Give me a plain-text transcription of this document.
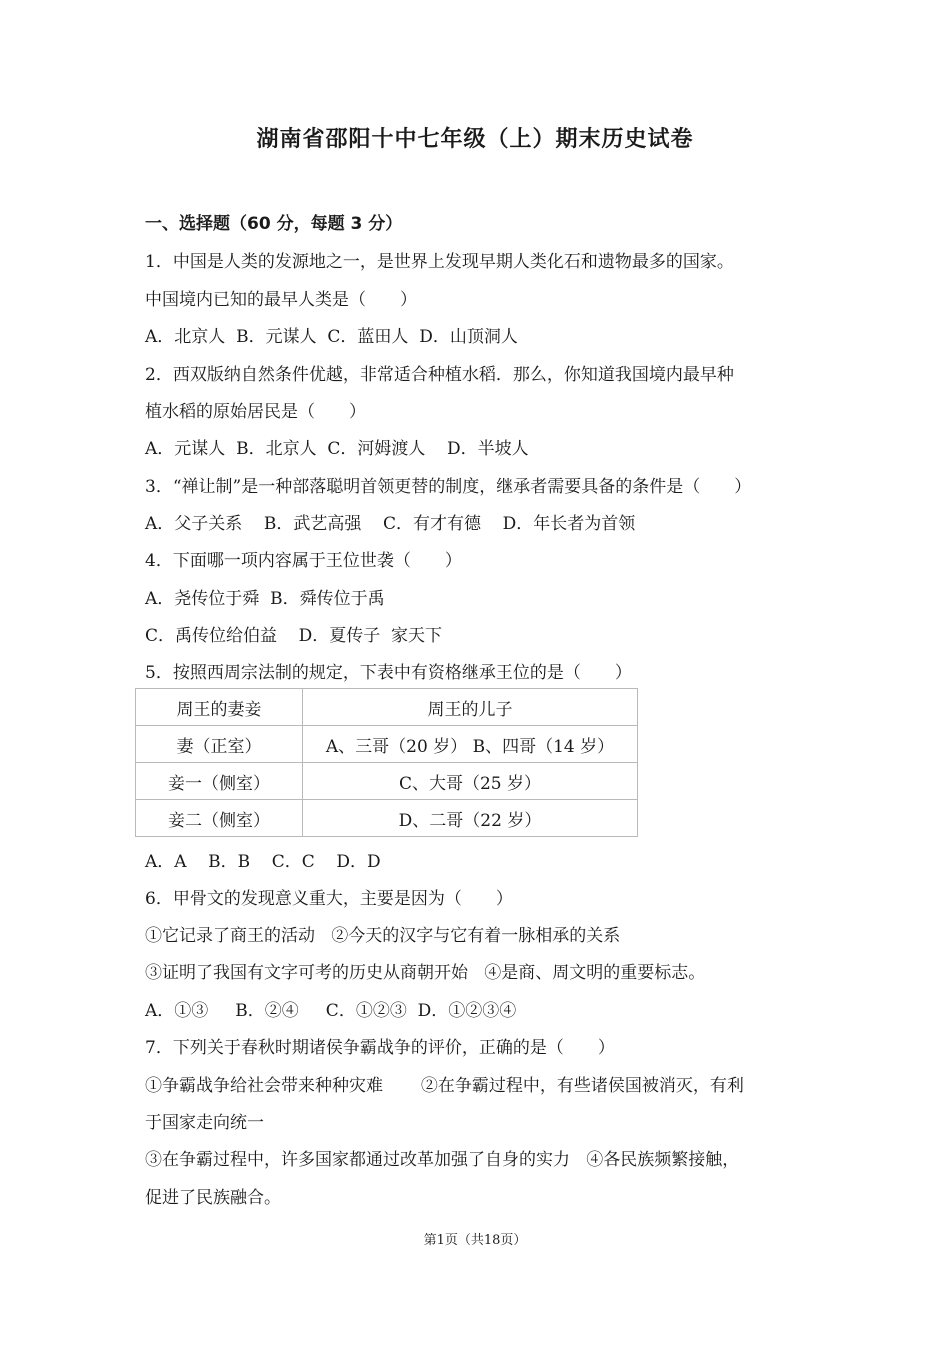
湖南省邵阳十中七年级（上）期末历史试卷
一、选择题（60 分，每题 3 分）
1．中国是人类的发源地之一，是世界上发现早期人类化石和遗物最多的国家。
中国境内已知的最早人类是（　　）
A．北京人  B．元谋人  C．蓝田人  D．山顶洞人
2．西双版纳自然条件优越，非常适合种植水稻．那么，你知道我国境内最早种
植水稻的原始居民是（　　）
A．元谋人  B．北京人  C．河姆渡人    D．半坡人
3．“禅让制”是一种部落聪明首领更替的制度，继承者需要具备的条件是（　　）
A．父子关系    B．武艺高强    C．有才有德    D．年长者为首领
4．下面哪一项内容属于王位世袭（　　）
A．尧传位于舜  B．舜传位于禹
C．禹传位给伯益    D．夏传子  家天下
5．按照西周宗法制的规定，下表中有资格继承王位的是（　　）
周王的妻妾	周王的儿子
妻（正室）	A、三哥（20 岁） B、四哥（14 岁）
妾一（侧室）	C、大哥（25 岁）
妾二（侧室）	D、二哥（22 岁）
A．A    B．B    C．C    D．D
6．甲骨文的发现意义重大，主要是因为（　　）
①它记录了商王的活动   ②今天的汉字与它有着一脉相承的关系
③证明了我国有文字可考的历史从商朝开始   ④是商、周文明的重要标志。
A．①③     B．②④     C．①②③  D．①②③④
7．下列关于春秋时期诸侯争霸战争的评价，正确的是（　　）
①争霸战争给社会带来种种灾难       ②在争霸过程中，有些诸侯国被消灭，有利
于国家走向统一
③在争霸过程中，许多国家都通过改革加强了自身的实力   ④各民族频繁接触，
促进了民族融合。
第1页（共18页）
